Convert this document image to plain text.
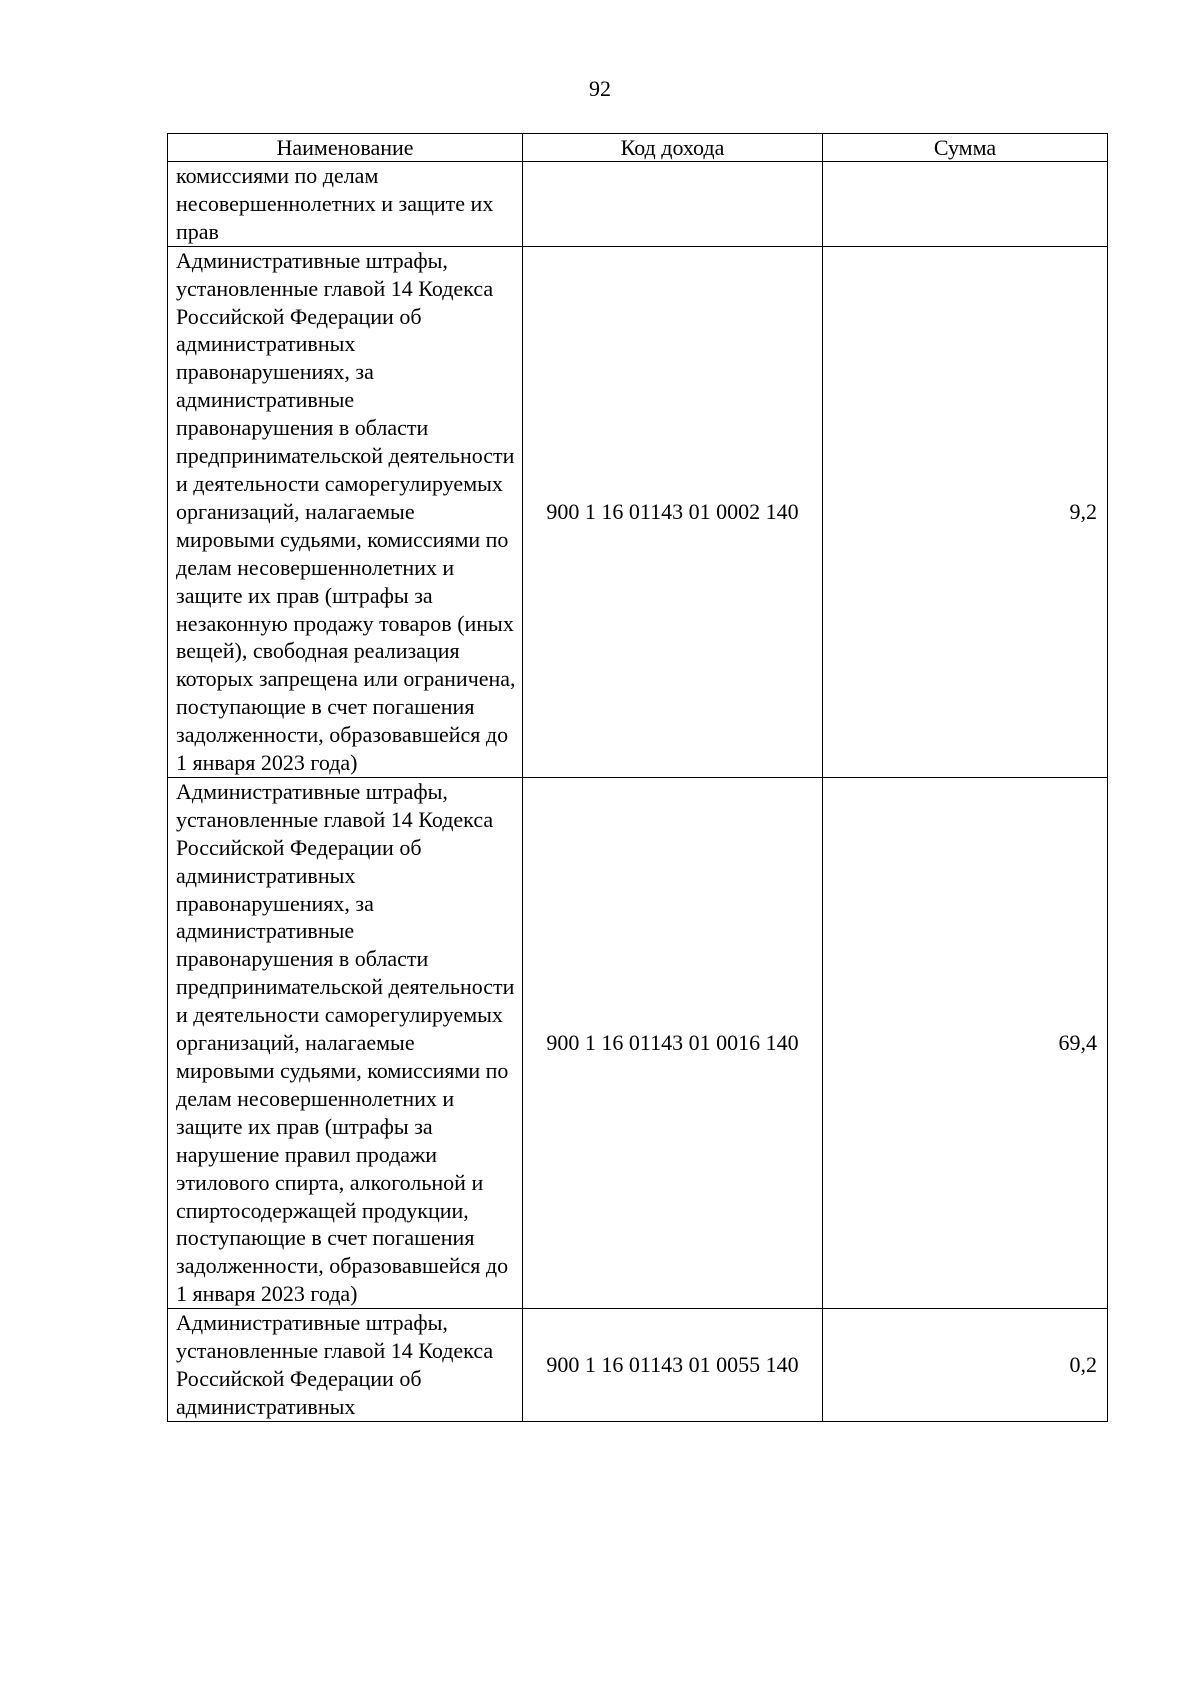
92
Наименование	Код дохода	Сумма
комиссиями по делам несовершеннолетних и защите их прав		
Административные штрафы, установленные главой 14 Кодекса Российской Федерации об административных правонарушениях, за административные правонарушения в области предпринимательской деятельности и деятельности саморегулируемых организаций, налагаемые мировыми судьями, комиссиями по делам несовершеннолетних и защите их прав (штрафы за незаконную продажу товаров (иных вещей), свободная реализация которых запрещена или ограничена, поступающие в счет погашения задолженности, образовавшейся до 1 января 2023 года)	900 1 16 01143 01 0002 140	9,2
Административные штрафы, установленные главой 14 Кодекса Российской Федерации об административных правонарушениях, за административные правонарушения в области предпринимательской деятельности и деятельности саморегулируемых организаций, налагаемые мировыми судьями, комиссиями по делам несовершеннолетних и защите их прав (штрафы за нарушение правил продажи этилового спирта, алкогольной и спиртосодержащей продукции, поступающие в счет погашения задолженности, образовавшейся до 1 января 2023 года)	900 1 16 01143 01 0016 140	69,4
Административные штрафы, установленные главой 14 Кодекса Российской Федерации об административных	900 1 16 01143 01 0055 140	0,2
